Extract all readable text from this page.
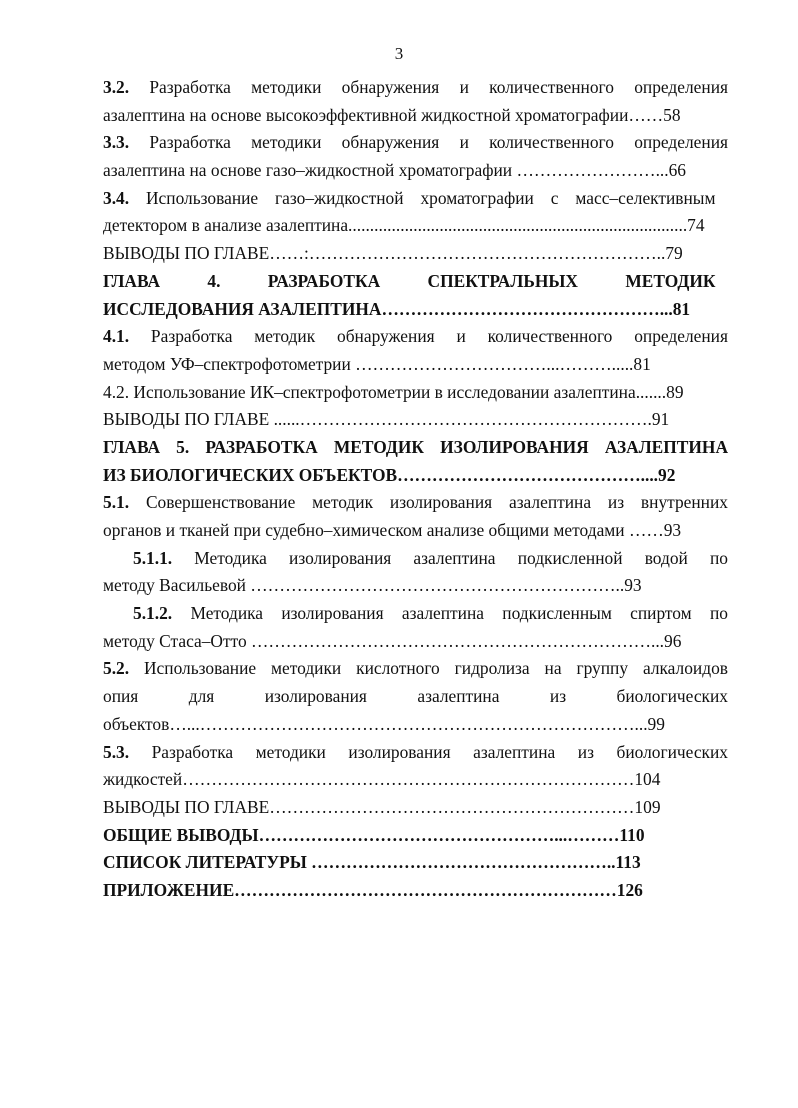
3
3.2. Разработка методики обнаружения и количественного определения
азалептина на основе высокоэффективной жидкостной хроматографии……58
3.3. Разработка методики обнаружения и количественного определения
азалептина на основе газо–жидкостной хроматографии ……………………...66
3.4. Использование газо–жидкостной хроматографии с масс–селективным
детектором в анализе азалептина..............................................................................74
ВЫВОДЫ ПО ГЛАВЕ……:……………………………………………………..79
ГЛАВА 4. РАЗРАБОТКА СПЕКТРАЛЬНЫХ МЕТОДИК
ИССЛЕДОВАНИЯ АЗАЛЕПТИНА…………………………………………...81
4.1. Разработка методик обнаружения и количественного определения
методом УФ–спектрофотометрии ……………………………...……….....81
4.2. Использование ИК–спектрофотометрии в исследовании азалептина.......89
ВЫВОДЫ ПО ГЛАВЕ ......…………………………………………………….91
ГЛАВА 5. РАЗРАБОТКА МЕТОДИК ИЗОЛИРОВАНИЯ АЗАЛЕПТИНА
ИЗ БИОЛОГИЧЕСКИХ ОБЪЕКТОВ……………………………………....92
5.1. Совершенствование методик изолирования азалептина из внутренних
органов и тканей при судебно–химическом анализе общими методами ……93
5.1.1. Методика изолирования азалептина подкисленной водой по
методу Васильевой ………………………………………………………..93
5.1.2. Методика изолирования азалептина подкисленным спиртом по
методу Стаса–Отто ……………………………………………………………...96
5.2. Использование методики кислотного гидролиза на группу алкалоидов
опия для изолирования азалептина из биологических
объектов…...…………………………………………………………………...99
5.3. Разработка методики изолирования азалептина из биологических
жидкостей……………………………………………………………………104
ВЫВОДЫ ПО ГЛАВЕ………………………………………………………109
ОБЩИЕ ВЫВОДЫ……………………………………………...………110
СПИСОК ЛИТЕРАТУРЫ ……………………………………………..113
ПРИЛОЖЕНИЕ…………………………………………………………126
